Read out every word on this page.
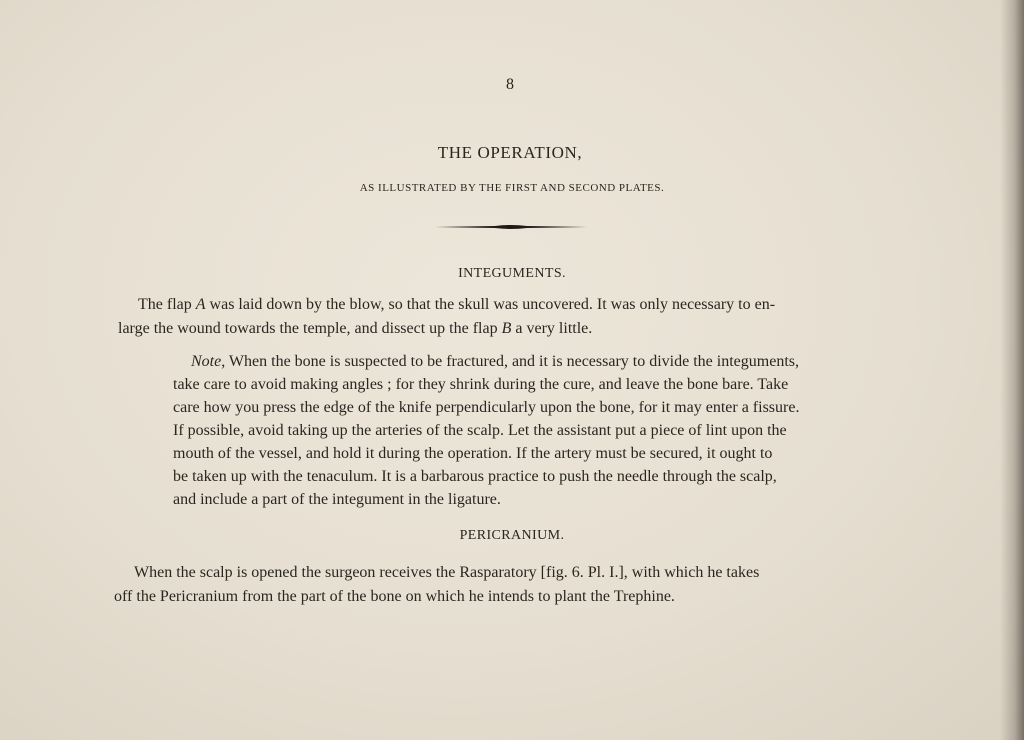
8
THE OPERATION,
AS ILLUSTRATED BY THE FIRST AND SECOND PLATES.
INTEGUMENTS.
The flap A was laid down by the blow, so that the skull was uncovered. It was only necessary to en-
large the wound towards the temple, and dissect up the flap B a very little.
Note, When the bone is suspected to be fractured, and it is necessary to divide the integuments,
take care to avoid making angles ; for they shrink during the cure, and leave the bone bare. Take
care how you press the edge of the knife perpendicularly upon the bone, for it may enter a fissure.
If possible, avoid taking up the arteries of the scalp. Let the assistant put a piece of lint upon the
mouth of the vessel, and hold it during the operation. If the artery must be secured, it ought to
be taken up with the tenaculum. It is a barbarous practice to push the needle through the scalp,
and include a part of the integument in the ligature.
PERICRANIUM.
When the scalp is opened the surgeon receives the Rasparatory [fig. 6. Pl. I.], with which he takes
off the Pericranium from the part of the bone on which he intends to plant the Trephine.
